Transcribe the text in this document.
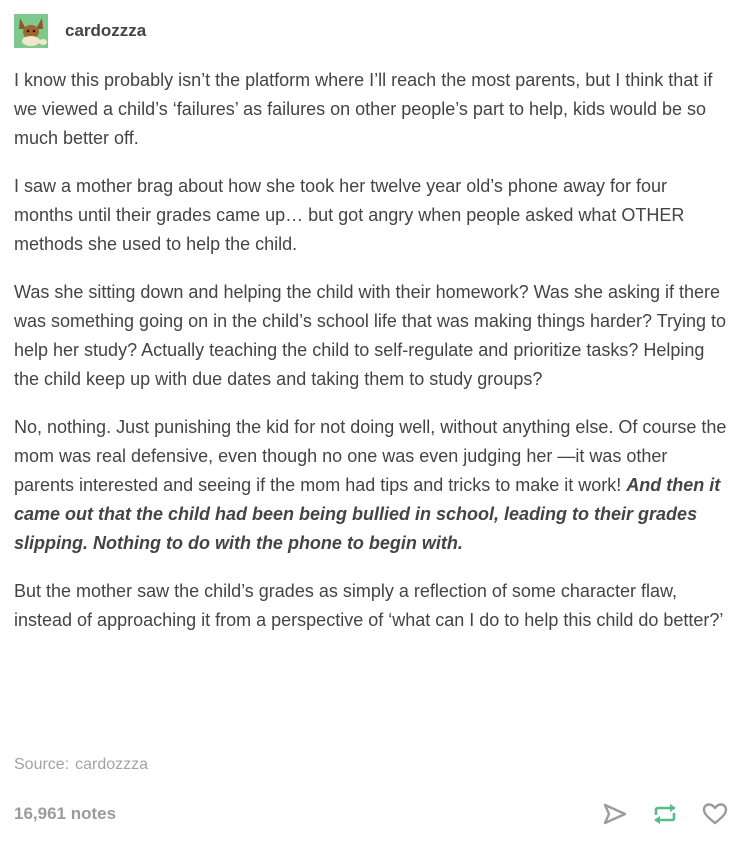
cardozzza

I know this probably isn’t the platform where I’ll reach the most parents, but I think that if we viewed a child’s ‘failures’ as failures on other people’s part to help, kids would be so much better off.

I saw a mother brag about how she took her twelve year old’s phone away for four months until their grades came up… but got angry when people asked what OTHER methods she used to help the child.

Was she sitting down and helping the child with their homework? Was she asking if there was something going on in the child’s school life that was making things harder? Trying to help her study? Actually teaching the child to self-regulate and prioritize tasks? Helping the child keep up with due dates and taking them to study groups?

No, nothing. Just punishing the kid for not doing well, without anything else. Of course the mom was real defensive, even though no one was even judging her —it was other parents interested and seeing if the mom had tips and tricks to make it work! And then it came out that the child had been being bullied in school, leading to their grades slipping. Nothing to do with the phone to begin with.

But the mother saw the child’s grades as simply a reflection of some character flaw, instead of approaching it from a perspective of ‘what can I do to help this child do better?’

Source: cardozzza
16,961 notes
